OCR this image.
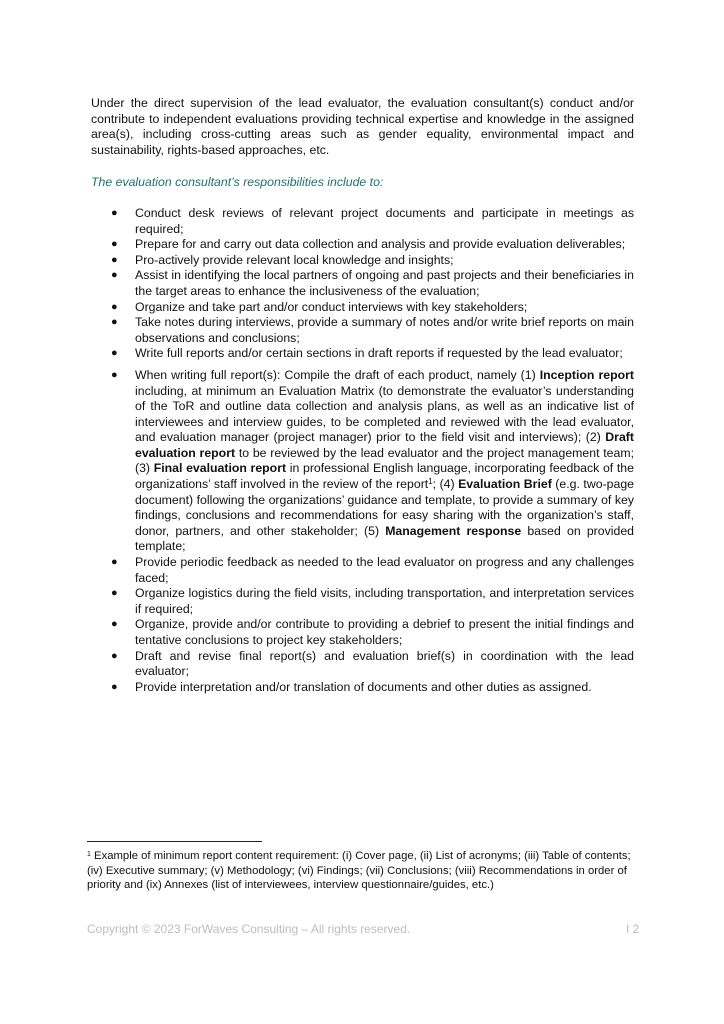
Under the direct supervision of the lead evaluator, the evaluation consultant(s) conduct and/or contribute to independent evaluations providing technical expertise and knowledge in the assigned area(s), including cross-cutting areas such as gender equality, environmental impact and sustainability, rights-based approaches, etc.

The evaluation consultant’s responsibilities include to:

● Conduct desk reviews of relevant project documents and participate in meetings as required;
● Prepare for and carry out data collection and analysis and provide evaluation deliverables;
● Pro-actively provide relevant local knowledge and insights;
● Assist in identifying the local partners of ongoing and past projects and their beneficiaries in the target areas to enhance the inclusiveness of the evaluation;
● Organize and take part and/or conduct interviews with key stakeholders;
● Take notes during interviews, provide a summary of notes and/or write brief reports on main observations and conclusions;
● Write full reports and/or certain sections in draft reports if requested by the lead evaluator;
● When writing full report(s): Compile the draft of each product, namely (1) Inception report including, at minimum an Evaluation Matrix (to demonstrate the evaluator’s understanding of the ToR and outline data collection and analysis plans, as well as an indicative list of interviewees and interview guides, to be completed and reviewed with the lead evaluator, and evaluation manager (project manager) prior to the field visit and interviews); (2) Draft evaluation report to be reviewed by the lead evaluator and the project management team; (3) Final evaluation report in professional English language, incorporating feedback of the organizations’ staff involved in the review of the report$^1$; (4) Evaluation Brief (e.g. two-page document) following the organizations’ guidance and template, to provide a summary of key findings, conclusions and recommendations for easy sharing with the organization’s staff, donor, partners, and other stakeholder; (5) Management response based on provided template;
● Provide periodic feedback as needed to the lead evaluator on progress and any challenges faced;
● Organize logistics during the field visits, including transportation, and interpretation services if required;
● Organize, provide and/or contribute to providing a debrief to present the initial findings and tentative conclusions to project key stakeholders;
● Draft and revise final report(s) and evaluation brief(s) in coordination with the lead evaluator;
● Provide interpretation and/or translation of documents and other duties as assigned.
$^1$ Example of minimum report content requirement: (i) Cover page, (ii) List of acronyms; (iii) Table of contents; (iv) Executive summary; (v) Methodology; (vi) Findings; (vii) Conclusions; (viii) Recommendations in order of priority and (ix) Annexes (list of interviewees, interview questionnaire/guides, etc.)
Copyright © 2023 ForWaves Consulting – All rights reserved.	I 2
